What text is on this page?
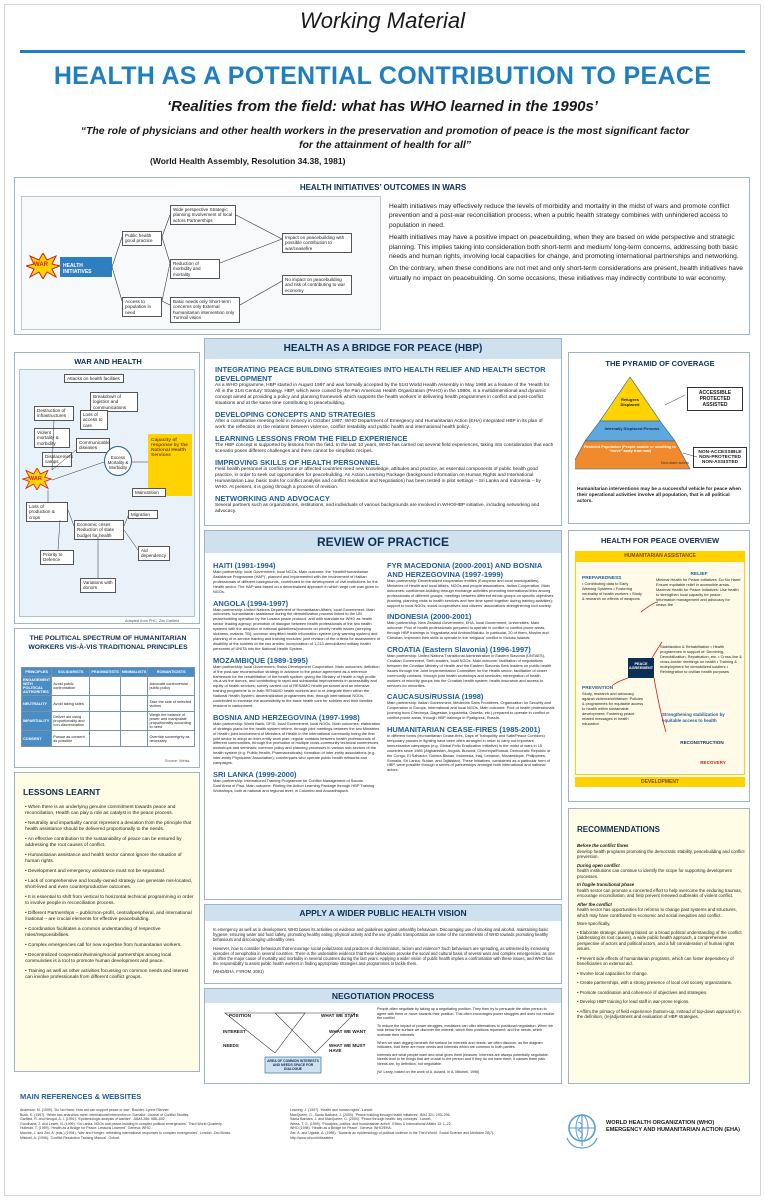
Working Material
HEALTH AS A POTENTIAL CONTRIBUTION TO PEACE
‘Realities from the field: what has WHO learned in the 1990s’
“The role of physicians and other health workers in the preservation and promotion of peace is the most significant factor for the attainment of health for all”
(World Health Assembly, Resolution 34.38, 1981)
HEALTH INITIATIVES’ OUTCOMES IN WARS
WAR	HEALTH INITIATIVES
Public health good practice
Wide perspective Strategic planning Involvement of local actors Partnerships
Reduction of morbidity and mortality
Access to population in need
Basic needs only Short-term concerns only External humanitarian intervention only Turmoil vision
Impact on peacebuilding with possible contribution to war/ceasefire
No impact on peacebuilding and risk of contributing to war economy

Health initiatives may effectively reduce the levels of morbidity and mortality in the midst of wars and promote conflict prevention and a post-war reconciliation process, when a public health strategy combines with unhindered access to population in need.

Health initiatives may have a positive impact on peacebuilding, when they are based on wide perspective and strategic planning. This implies taking into consideration both short-term and medium/ long-term concerns, addressing both basic needs and human rights, involving local capacities for change, and promoting international partnerships and networking.

On the contrary, when these conditions are not met and only short-term considerations are present, health initiatives have virtually no impact on peacebuilding. On some occasions, these initiatives may indirectly contribute to war economy.

WAR AND HEALTH
Attacks on health facilities
Breakdown of logistics and communications
Destruction of infrastructures	Loss of access to care
Violent mortality & morbidity	Communicable diseases
Displacement camps
WAR
Excess Mortality & Morbidity
Capacity of response by the National Health Services
Loss of production & crops
Economic crises Reduction of state budget for health
Migration
Malnutrition
Priority to Defence
Aid dependency
Variations with donors
Adapted from PHC, Zwi Garfield
THE POLITICAL SPECTRUM OF HUMANITARIAN WORKERS VIS-À-VIS TRADITIONAL PRINCIPLES
PRINCIPLES	SOLIDARISTS	PRAGMATISTS	MINIMALISTS	ROMANTICISTS
ENGAGEMENT WITH POLITICAL AUTHORITIES	Avoid public confrontation			Advocate controversial public policy
NEUTRALITY	Avoid taking sides			Take the side of selected victims
IMPARTIALITY	Deliver aid using proportionality and non-discrimination			Weigh the balance of power and manipulate proportionality according to need
CONSENT	Pursue as consent as possible			Override sovereignty as necessary
Source: Weiss
HEALTH AS A BRIDGE FOR PEACE (HBP)
INTEGRATING PEACE BUILDING STRATEGIES INTO HEALTH RELIEF AND HEALTH SECTOR DEVELOPMENT
As a WHO programme, HBP started in August 1997 and was formally accepted by the 51st World Health Assembly in May 1998 as a feature of the ‘Health for All in the 21st Century’ Strategy. HBP, which were coined by the Pan American Health Organization (PAHO) in the 1980s, is a multidimensional and dynamic concept aimed at providing a policy and planning framework which supports the health workers in delivering health programmes in conflict and post-conflict situations and at the same time contributing to peacebuilding.
DEVELOPING CONCEPTS AND STRATEGIES
After a consultative meeting held in Annecy in October 1997, WHO Department of Emergency and Humanitarian Action (EHA) integrated HBP in its plan of work: the reflection on the relations between violence, conflict instability and public health and international health policy.
LEARNING LESSONS FROM THE FIELD EXPERIENCE
The HBP concept is supported by lessons from the field. In the last 10 years, WHO has carried out several field experiences, taking into consideration that each scenario poses different challenges and there cannot be simplistic recipes.
IMPROVING SKILLS OF HEALTH PERSONNEL
Field health personnel in conflict-prone or affected countries need new knowledge, attitudes and practice, as essential components of public health good practice, in order to seek out opportunities for peacebuilding. An Action Learning Package (background information on Human Rights and International Humanitarian Law, basic tools for conflict analysis and conflict resolution and Negotiation) has been tested in pilot settings – Sri Lanka and Indonesia – by WHO. At present, it is going through a process of revision.
NETWORKING AND ADVOCACY
Several partners such as organizations, institutions, and individuals of various backgrounds are involved in WHO/HBP initiative, including networking and advocacy.
THE PYRAMID OF COVERAGE
Refugees Displaced
Internally Displaced Persons
Resident Population (People unable or unwilling to “move” away from war)
Non-state actors
ACCESSIBLE PROTECTED ASSISTED
NON-ACCESSIBLE NON-PROTECTED NON-ASSISTED
Humanitarian interventions may be a successful vehicle for peace when their operational activities involve all population, that is all political actors.
REVIEW OF PRACTICE
HAITI (1991-1994)
Main partnership: local Government, local NGOs. Main outcome: the ‘Health/Humanitarian Assistance Programme (HAP)’, planned and implemented with the involvement of Haitian professionals of different backgrounds, contributed to the development of civil institutions for the Health sector. The HAP was based on a decentralized approach in which large role was given to NGOs.
ANGOLA (1994-1997)
Main partnership: United Nations Department of Humanitarian Affairs, local Government. Main outcomes: humanitarian assistance during the demobilization process linked to the UN peacebuilding operation by the Lusaka peace protocol, and with mandate for WHO as health sector leading agency; promotion of dialogue between health professionals of the two health systems with the adoption of national guidelines/protocols on priority health issues (sleeping sickness, malaria, TB); common simplified health information system (only warning system) and planning of in-service training and training modules; joint revision of the criteria for assessment of disability of the soldiers of the two armies; incorporation of 1,213 demobilized military health personnel of UNITA into the National Health System.
MOZAMBIQUE (1989-1995)
Main partnership: local Government, Swiss Development Cooperation. Main outcomes: definition of the post-war reconstruction strategy in advance to the peace agreement as a reference framework for the rehabilitation of the health system; giving the Ministry of Health a high profile vis-à-vis the donors, and contributing to rapid and substantial improvements in accessibility and equity of health services; survey carried out of RENAMO health personnel and an intensive training programme to re-train RENAMO health workers and to re-integrate them within the National Health System; decentralization programmes that, through international NGOs, contributed to increase the accessibility to the basic health care for soldiers and their families resident in cantonment.
BOSNIA AND HERZEGOVINA (1997-1998)
Main partnership: World Bank, DFID, local Government, local NGOs. Main outcomes: elaboration of strategic plans for the health system reform, through joint meetings between the two Ministries of Health; joint involvement of Ministers of Health in the international community being the first joint sector to adopt an inter-entity work plan; regular contacts between health professionals of different communities, through the promotion of multiple cross-community technical conferences, workshops and seminars; common policy and planning processes in various sub-sectors of the health system (e.g. Public Health, Pharmaceuticals); formation of inter-entity associations (e.g. inter-entity Physicians’ Association); counterparts who operate public health networks and campaigns.
SRI LANKA (1999-2000)
Main partnership: International Training Programme for Conflict Management of Scuola Sant’Anna of Pisa. Main outcome: Piloting the Action Learning Package through HBP Training Workshops, both at national and regional level, in Colombo and Anuradhapura.
FYR MACEDONIA (2000-2001) AND BOSNIA AND HERZEGOVINA (1997-1999)
Main partnership: Decentralized cooperation entities (European and local municipalities), Ministries of Health and local Affairs, NGOs and people associations, Italian Cooperation. Main outcomes: confidence-building through exchange activities promoting international links among professionals of different groups; meetings between different ethnic groups on specific objectives (training, planning visits to health services and free time spent together during training activities); support to local NGOs, social cooperatives and citizens’ associations strengthening civil society.
INDONESIA (2000-2001)
Main partnership: New Zealand Government, EHA, local Government, Universities. Main outcome: Pool of health professionals prepared to operate in conflict or conflict-prone areas, through HBP trainings in Yogyakarta and Ambon/Maluku. In particular, 20 of them, Muslim and Christian, improved their skills to operate in the ‘religious’ conflict in Moluku Islands.
CROATIA (Eastern Slavonia) (1996-1997)
Main partnership: United Nations Transitional Administration in Eastern Slavonia (UNTAES), Croatian Government, Serb leaders, local NGOs. Main outcome: facilitation of negotiations between the Croatian Ministry of Health and the Eastern Slavonia Serb leaders on public health issues through the Joint Implementation Committee for the Health sector; facilitation of closer community contacts, through joint health workshops and seminars; reintegration of health workers of minority groups into the Croatian health system; health insurance and access to services for minorities.
CAUCASUS/RUSSIA (1998)
Main partnership: Italian Government, Médecins Sans Frontières, Organization for Security and Cooperation in Europe, international and local NGOs. Main outcome: Pool of health professionals (coming from Chechnya, Dagestan, Ingushetia, Ossetia, etc.) prepared to operate in conflict or conflict-prone areas, through HBP trainings in Pyatigorsk, Russia.
HUMANITARIAN CEASE-FIRES (1985-2001)
In different forms (Humanitarian Cease-fires, Days of Tranquillity and Safe/Peace Corridors) temporary pauses in fighting have been often arranged in order to carry out important immunization campaigns (e.g. Global Polio Eradication Initiative) in the midst of wars in 15 countries since 1985 (Afghanistan, Angola, Burundi, Chechnya/Russia, Democratic Republic of the Congo, El Salvador, Guinea Bissau, Indonesia, Iraq, Lebanon, Mozambique, Philippines, Somalia, Sri Lanka, Sudan, and Tajikistan). These initiatives, considered as a particular form of HBP, were possible through a series of partnerships amongst both international and national actors.
HEALTH FOR PEACE OVERVIEW
HUMANITARIAN ASSISTANCE
PREPAREDNESS
• Contributing data to Early Warning Systems • Fostering neutrality of health workers • Study & research on effects of weapons
RELIEF
Minimal Health for Peace Initiatives ‘Do No Harm’ Ensure equitable relief in accessible areas. Maximal Health for Peace Initiatives: Use health to strengthen local capacity for peace; Information management and advocacy for cease-fire
PEACE AGREEMENT
Stabilization & Rehabilitation • Health programmes in support of: Demining, Demobilization, Repatriation, etc. • Cross-line & cross-border meetings on health • Training & redeployment for demobilized soldiers • Reintegration to civilian health purposes
PREVENTION
Study, research and advocacy against violence/militarism; Policies & programmes for equitable access to health within sustainable development; Fostering peace-related messages in health education
Strengthening stabilization by equitable access to health
RECONSTRUCTION
RECOVERY
DEVELOPMENT
LESSONS LEARNT
• When there is an underlying genuine commitment towards peace and reconciliation, Health can play a role as catalyst in the peace process.
• Neutrality and impartiality cannot represent a deviation from the principle that health assistance should be delivered proportionally to the needs.
• An effective contribution to the sustainability of peace can be ensured by addressing the root causes of conflict.
• Humanitarian assistance and health sector cannot ignore the situation of human rights.
• Development and emergency assistance must not be separated.
• Lack of comprehensive and locally-owned strategy can generate mis-located, short-lived and even counterproductive outcomes.
• It is essential to shift from vertical to horizontal technical programming in order to involve people in reconciliation process.
• Different Partnerships – public/non-profit, central/peripheral, and international /national – are crucial elements for effective peacebuilding.
• Coordination facilitates a common understanding of respective roles/responsibilities.
• Complex emergencies call for new expertise from humanitarian workers.
• Decentralized cooperation/twinning/social partnerships among local communities is a tool to promote human development and peace.
• Training as well as other activities focussing on common needs and interest can involve professionals from different conflict groups.
APPLY A WIDER PUBLIC HEALTH VISION

In emergency as well as in development, WHO bases its activities on evidence and guidelines against unhealthy behaviours. Discouraging use of smoking and alcohol, maintaining basic hygiene, ensuring water and food safety, promoting healthy eating, physical activity and the use of public transportation are some of the commitments of WHO towards promoting healthy behaviours and discouraging unhealthy ones.

However, how to consider behaviours that encourage social polarization and practices of discrimination, racism and violence? Such behaviours are spreading, as witnessed by increasing episodes of xenophobia in several countries. There is the undeniable evidence that these behaviours provoke the social and cultural basis of several wars and complex emergencies, as one is often the major cause of mortality and morbidity in several countries during the last years. Applying a wider vision of public health implies a confrontation with these issues, and WHO has the responsibility to assist public health workers in finding appropriate strategies and programmes to tackle them.

(WHO/EHA, FYROM, 2001)

NEGOTIATION PROCESS
POSITION
INTEREST
NEEDS
WHAT WE STATE
WHAT WE WANT
WHAT WE MUST HAVE
AREA OF COMMON INTERESTS AND NEEDS SPACE FOR DIALOGUE

People often negotiate by taking up a negotiating position. They then try to persuade the other person to agree with them or move towards their position. This often encourages power struggles and does not resolve the conflict.

To reduce the impact of power struggles, mediators can offer alternatives to positional negotiation. When we look below the surface we discover the interest, which then positions represent, and the needs, which motivate their interests.

When we start digging beneath the surface for interests and needs, we often discover, as the diagram indicates, that there are more needs and interests which are common to both parties.

Interests are what people want and what gives them pleasure. Interests are always potentially negotiable. Needs tend to be things that are crucial to the person and if they do not have them, it causes them pain. Needs are, by definition, not negotiable.

(W. Leary, based on the work of A. Acland, in A. Mitchell, 1996)

RECOMMENDATIONS
Before the conflict flares
develop health programs promoting the democratic stability, peacebuilding and conflict prevention.
During open conflict
health institutions can continue to identify the scope for supporting development processes.
In fragile transitional phase
health sector can promote a concerted effort to help overcome the enduring traumas, encourage reconciliation, and help prevent renewed outbreaks of violent conflict.
After the conflict
health sector has opportunities for reforms to change past systems and structures, which may have contributed to economic and social inequities and conflict.
More specifically,
• Elaborate strategic planning based on a broad political understanding of the conflict (addressing its root causes), a wide public health approach, a comprehensive perspective of actors and political actors, and a full consideration of human rights issues.
• Prevent side effects of humanitarian programs, which can foster dependency of beneficiaries on external aid.
• Involve local capacities for change.
• Create partnerships, with a strong presence of local civil society organizations.
• Promote coordination and coherence of objectives and strategies.
• Develop HBP training for lead staff in war-prone regions.
• Affirm the primacy of field experience (bottom-up, instead of top-down approach) in the definition, (re)adjustment and evaluation of HBP strategies.
MAIN REFERENCES & WEBSITES
Anderson, M. (1999). ‘Do No Harm: How aid can support peace or war’. Boulder: Lynne Rienner.
Bush, K. (1997). ‘When two anarchies meet: international intervention in Somalia’. Journal of Conflict Studies.
Garfield, R. and Neugut, A. I. (1991). ‘Epidemiologic analysis of warfare’. JAMA 266: 688–692.
Goodhand, J. and Lewer, N. (1999). ‘Sri Lanka: NGOs and peace-building in complex political emergencies’. Third World Quarterly.
Hultman, T. (1999). ‘Health as a Bridge for Peace: Lessons Learned’. Geneva: WHO.
Macrae, J. and Zwi, A. (eds.) (1994). ‘War and Hunger: rethinking international responses to complex emergencies’. London: Zed Books.
Mitchell, A. (1996). ‘Conflict Resolution Training Manual’. Oxford.
Leaning, J. (1997). ‘Health and human rights’. Lancet.
MacQueen, G., Santa Barbara, J. (2000). ‘Peace building through health initiatives’. BMJ 321: 293–296.
Santa Barbara, J. and MacQueen, G. (2004). ‘Peace through health: key concepts’. Lancet.
Weiss, T. G. (1999). ‘Principles, politics, and humanitarian action’. Ethics & International Affairs 13: 1–22.
WHO (1998). ‘Health as a Bridge for Peace’. Geneva: WHO/EHA.
Zwi, A. and Ugalde, A. (1989). ‘Towards an epidemiology of political violence in the Third World’. Social Science and Medicine 28(7).
http://www.who.int/disasters
WORLD HEALTH ORGANIZATION (WHO)
EMERGENCY AND HUMANITARIAN ACTION (EHA)
